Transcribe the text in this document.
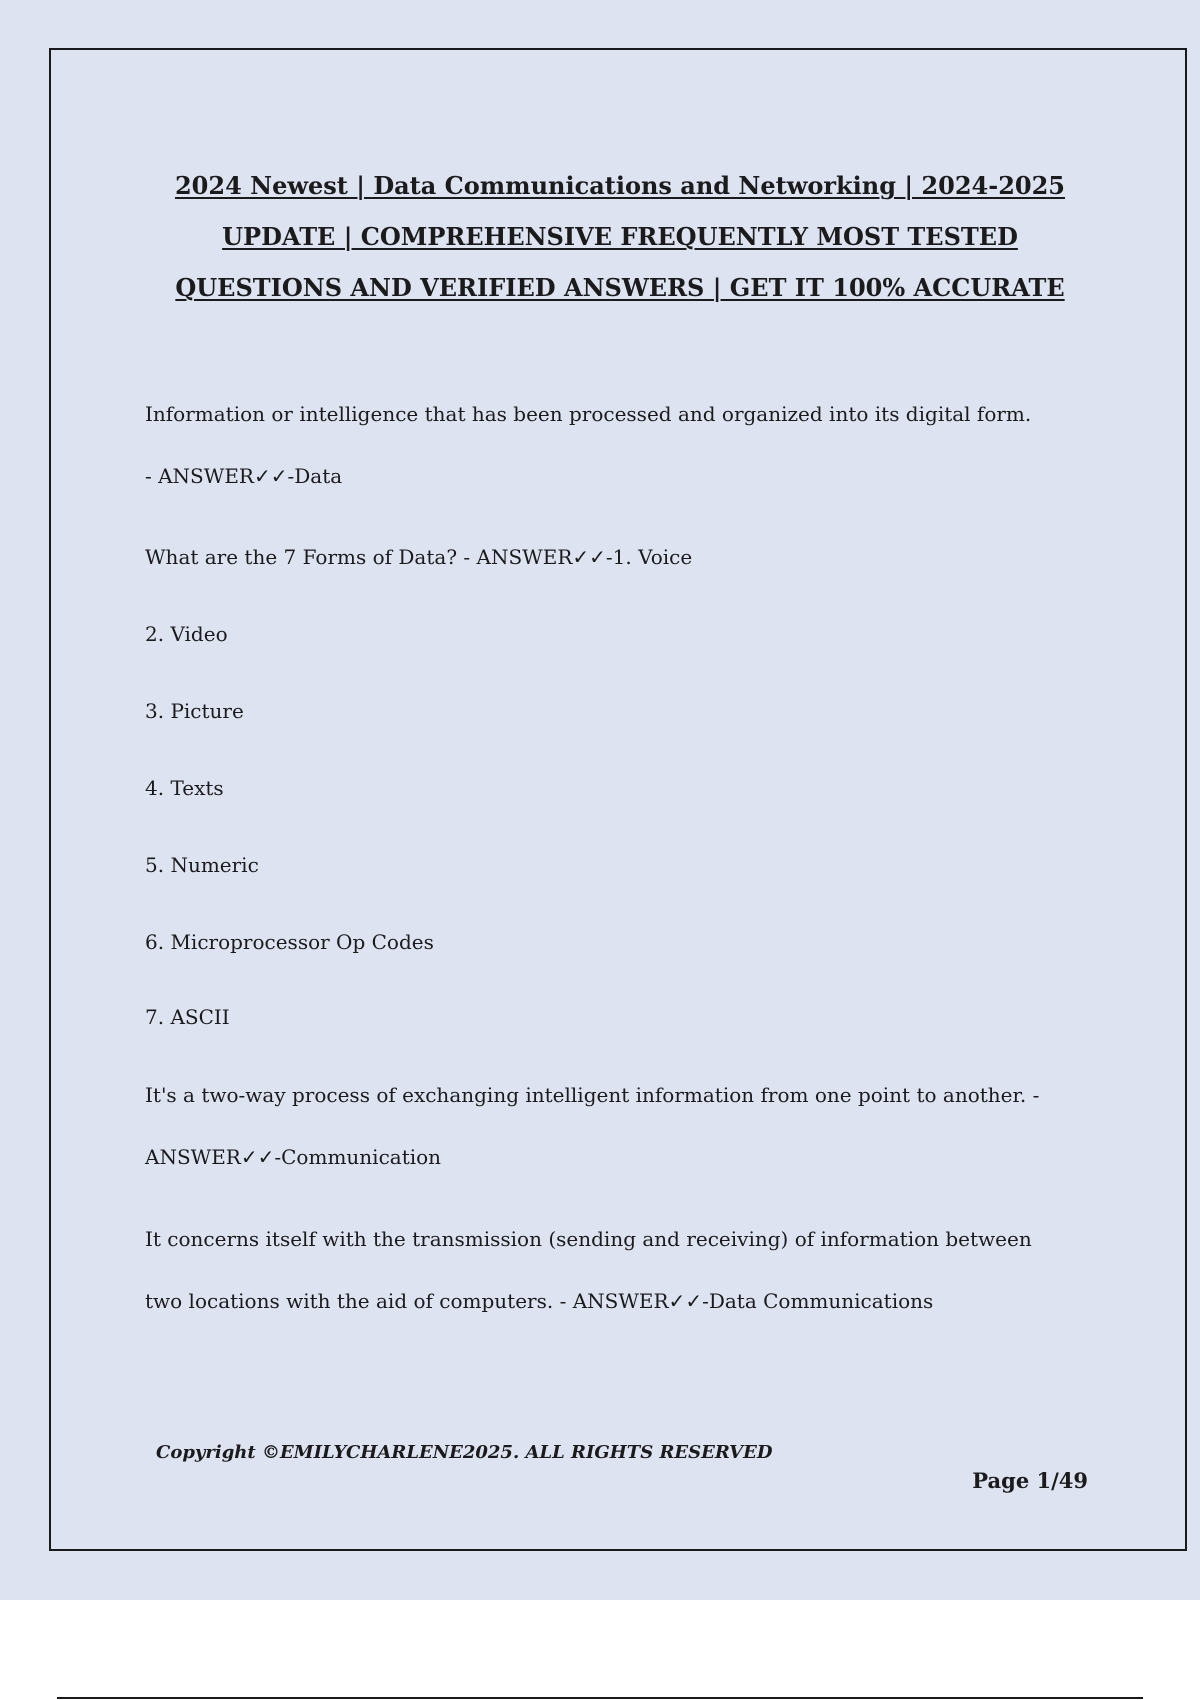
2024 Newest | Data Communications and Networking | 2024-2025
UPDATE | COMPREHENSIVE FREQUENTLY MOST TESTED
QUESTIONS AND VERIFIED ANSWERS | GET IT 100% ACCURATE
Information or intelligence that has been processed and organized into its digital form.
- ANSWER✓✓-Data
What are the 7 Forms of Data? - ANSWER✓✓-1. Voice
2. Video
3. Picture
4. Texts
5. Numeric
6. Microprocessor Op Codes
7. ASCII
It's a two-way process of exchanging intelligent information from one point to another. -
ANSWER✓✓-Communication
It concerns itself with the transmission (sending and receiving) of information between
two locations with the aid of computers. - ANSWER✓✓-Data Communications
Copyright ©EMILYCHARLENE2025. ALL RIGHTS RESERVED
Page 1/49
